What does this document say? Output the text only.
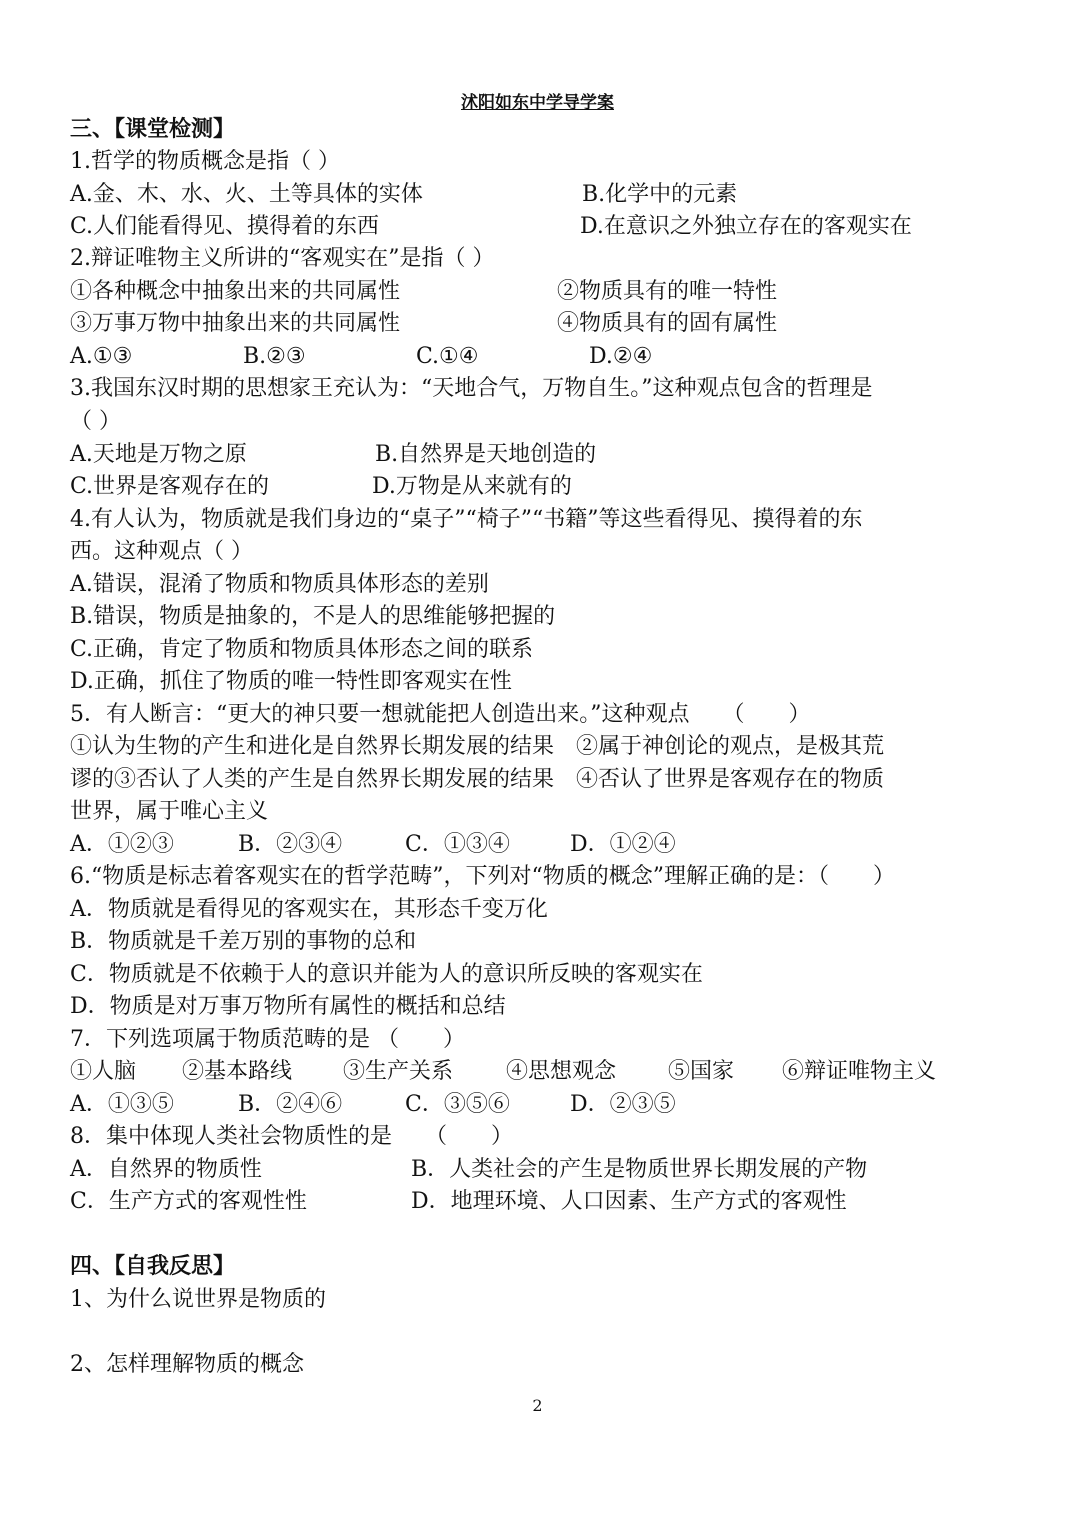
沭阳如东中学导学案
三、【课堂检测】
1.哲学的物质概念是指（ ）
A.金、木、水、火、土等具体的实体	B.化学中的元素
C.人们能看得见、摸得着的东西	D.在意识之外独立存在的客观实在
2.辩证唯物主义所讲的“客观实在”是指（ ）
①各种概念中抽象出来的共同属性	②物质具有的唯一特性
③万事万物中抽象出来的共同属性	④物质具有的固有属性
A.①③	B.②③	C.①④	D.②④
3.我国东汉时期的思想家王充认为：“天地合气，万物自生。”这种观点包含的哲理是
（ ）
A.天地是万物之原	B.自然界是天地创造的
C.世界是客观存在的	D.万物是从来就有的
4.有人认为，物质就是我们身边的“桌子”“椅子”“书籍”等这些看得见、摸得着的东
西。这种观点（ ）
A.错误，混淆了物质和物质具体形态的差别
B.错误，物质是抽象的，不是人的思维能够把握的
C.正确，肯定了物质和物质具体形态之间的联系
D.正确，抓住了物质的唯一特性即客观实在性
5．有人断言：“更大的神只要一想就能把人创造出来。”这种观点　　（　　）
①认为生物的产生和进化是自然界长期发展的结果　②属于神创论的观点，是极其荒
谬的③否认了人类的产生是自然界长期发展的结果　④否认了世界是客观存在的物质
世界，属于唯心主义
A．①②③	B．②③④	C．①③④	D．①②④
6.“物质是标志着客观实在的哲学范畴”，下列对“物质的概念”理解正确的是：（　　）
A．物质就是看得见的客观实在，其形态千变万化
B．物质就是千差万别的事物的总和
C．物质就是不依赖于人的意识并能为人的意识所反映的客观实在
D．物质是对万事万物所有属性的概括和总结
7．下列选项属于物质范畴的是 （　　）
①人脑 ②基本路线 ③生产关系 ④思想观念 ⑤国家 ⑥辩证唯物主义
A．①③⑤	B．②④⑥	C．③⑤⑥	D．②③⑤
8．集中体现人类社会物质性的是　　（　　）
A．自然界的物质性	B．人类社会的产生是物质世界长期发展的产物
C．生产方式的客观性性	D．地理环境、人口因素、生产方式的客观性
四、【自我反思】
1、为什么说世界是物质的
2、怎样理解物质的概念
2
